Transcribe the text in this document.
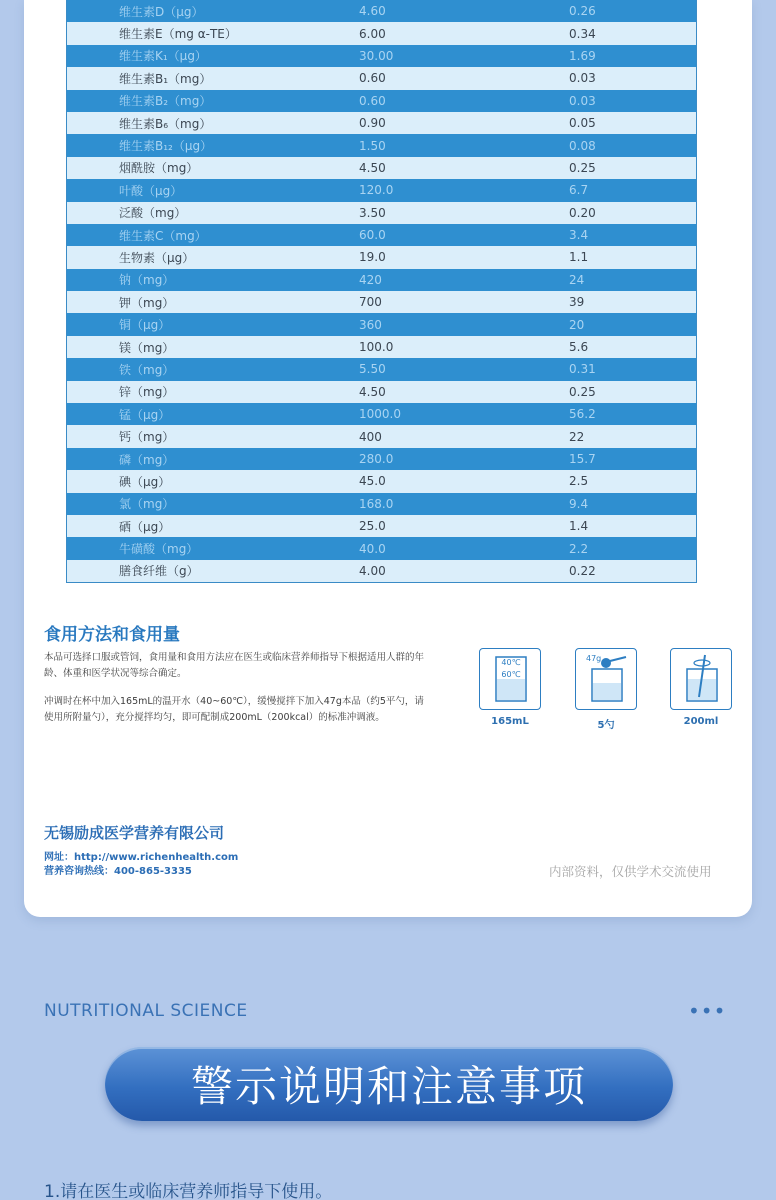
维生素D（μg）	4.60	0.26
维生素E（mg α-TE）	6.00	0.34
维生素K₁（μg）	30.00	1.69
维生素B₁（mg）	0.60	0.03
维生素B₂（mg）	0.60	0.03
维生素B₆（mg）	0.90	0.05
维生素B₁₂（μg）	1.50	0.08
烟酰胺（mg）	4.50	0.25
叶酸（μg）	120.0	6.7
泛酸（mg）	3.50	0.20
维生素C（mg）	60.0	3.4
生物素（μg）	19.0	1.1
钠（mg）	420	24
钾（mg）	700	39
铜（μg）	360	20
镁（mg）	100.0	5.6
铁（mg）	5.50	0.31
锌（mg）	4.50	0.25
锰（μg）	1000.0	56.2
钙（mg）	400	22
磷（mg）	280.0	15.7
碘（μg）	45.0	2.5
氯（mg）	168.0	9.4
硒（μg）	25.0	1.4
牛磺酸（mg）	40.0	2.2
膳食纤维（g）	4.00	0.22
食用方法和食用量
本品可选择口服或管饲，食用量和食用方法应在医生或临床营养师指导下根据适用人群的年龄、体重和医学状况等综合确定。
冲调时在杯中加入165mL的温开水（40~60℃），缓慢搅拌下加入47g本品（约5平勺，请使用所附量勺），充分搅拌均匀，即可配制成200mL（200kcal）的标准冲调液。
40℃
60℃
165mL
47g
5勺	200ml
无锡励成医学营养有限公司
网址：http://www.richenhealth.com
营养咨询热线：400-865-3335	内部资料，仅供学术交流使用
NUTRITIONAL SCIENCE	•••
警示说明和注意事项
1.请在医生或临床营养师指导下使用。
